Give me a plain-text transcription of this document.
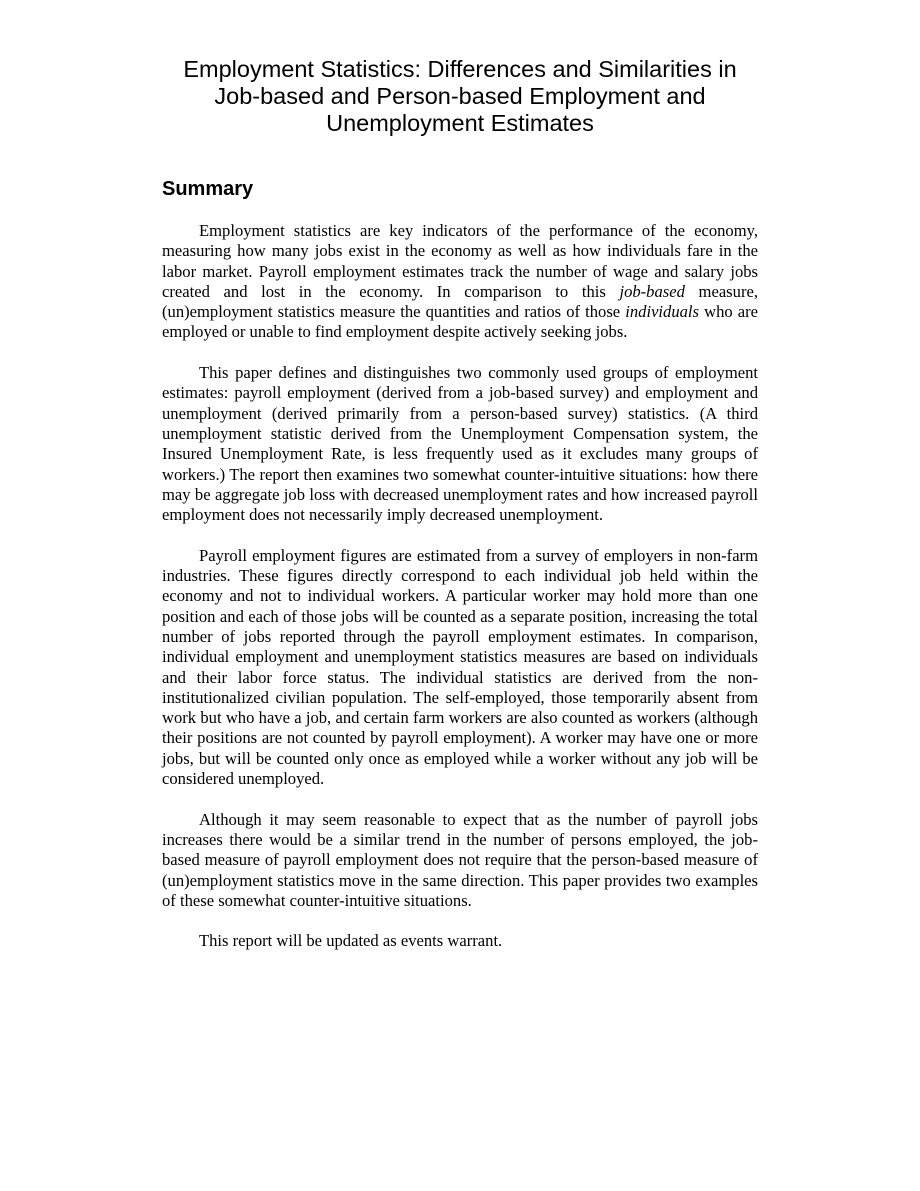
Employment Statistics: Differences and Similarities in
Job-based and Person-based Employment and
Unemployment Estimates
Summary

Employment statistics are key indicators of the performance of the economy, measuring how many jobs exist in the economy as well as how individuals fare in the labor market. Payroll employment estimates track the number of wage and salary jobs created and lost in the economy. In comparison to this job-based measure, (un)employment statistics measure the quantities and ratios of those individuals who are employed or unable to find employment despite actively seeking jobs.

This paper defines and distinguishes two commonly used groups of employment estimates: payroll employment (derived from a job-based survey) and employment and unemployment (derived primarily from a person-based survey) statistics. (A third unemployment statistic derived from the Unemployment Compensation system, the Insured Unemployment Rate, is less frequently used as it excludes many groups of workers.) The report then examines two somewhat counter-intuitive situations: how there may be aggregate job loss with decreased unemployment rates and how increased payroll employment does not necessarily imply decreased unemployment.

Payroll employment figures are estimated from a survey of employers in non-farm industries. These figures directly correspond to each individual job held within the economy and not to individual workers. A particular worker may hold more than one position and each of those jobs will be counted as a separate position, increasing the total number of jobs reported through the payroll employment estimates. In comparison, individual employment and unemployment statistics measures are based on individuals and their labor force status. The individual statistics are derived from the non-institutionalized civilian population. The self-employed, those temporarily absent from work but who have a job, and certain farm workers are also counted as workers (although their positions are not counted by payroll employment). A worker may have one or more jobs, but will be counted only once as employed while a worker without any job will be considered unemployed.

Although it may seem reasonable to expect that as the number of payroll jobs increases there would be a similar trend in the number of persons employed, the job-based measure of payroll employment does not require that the person-based measure of (un)employment statistics move in the same direction. This paper provides two examples of these somewhat counter-intuitive situations.

This report will be updated as events warrant.
